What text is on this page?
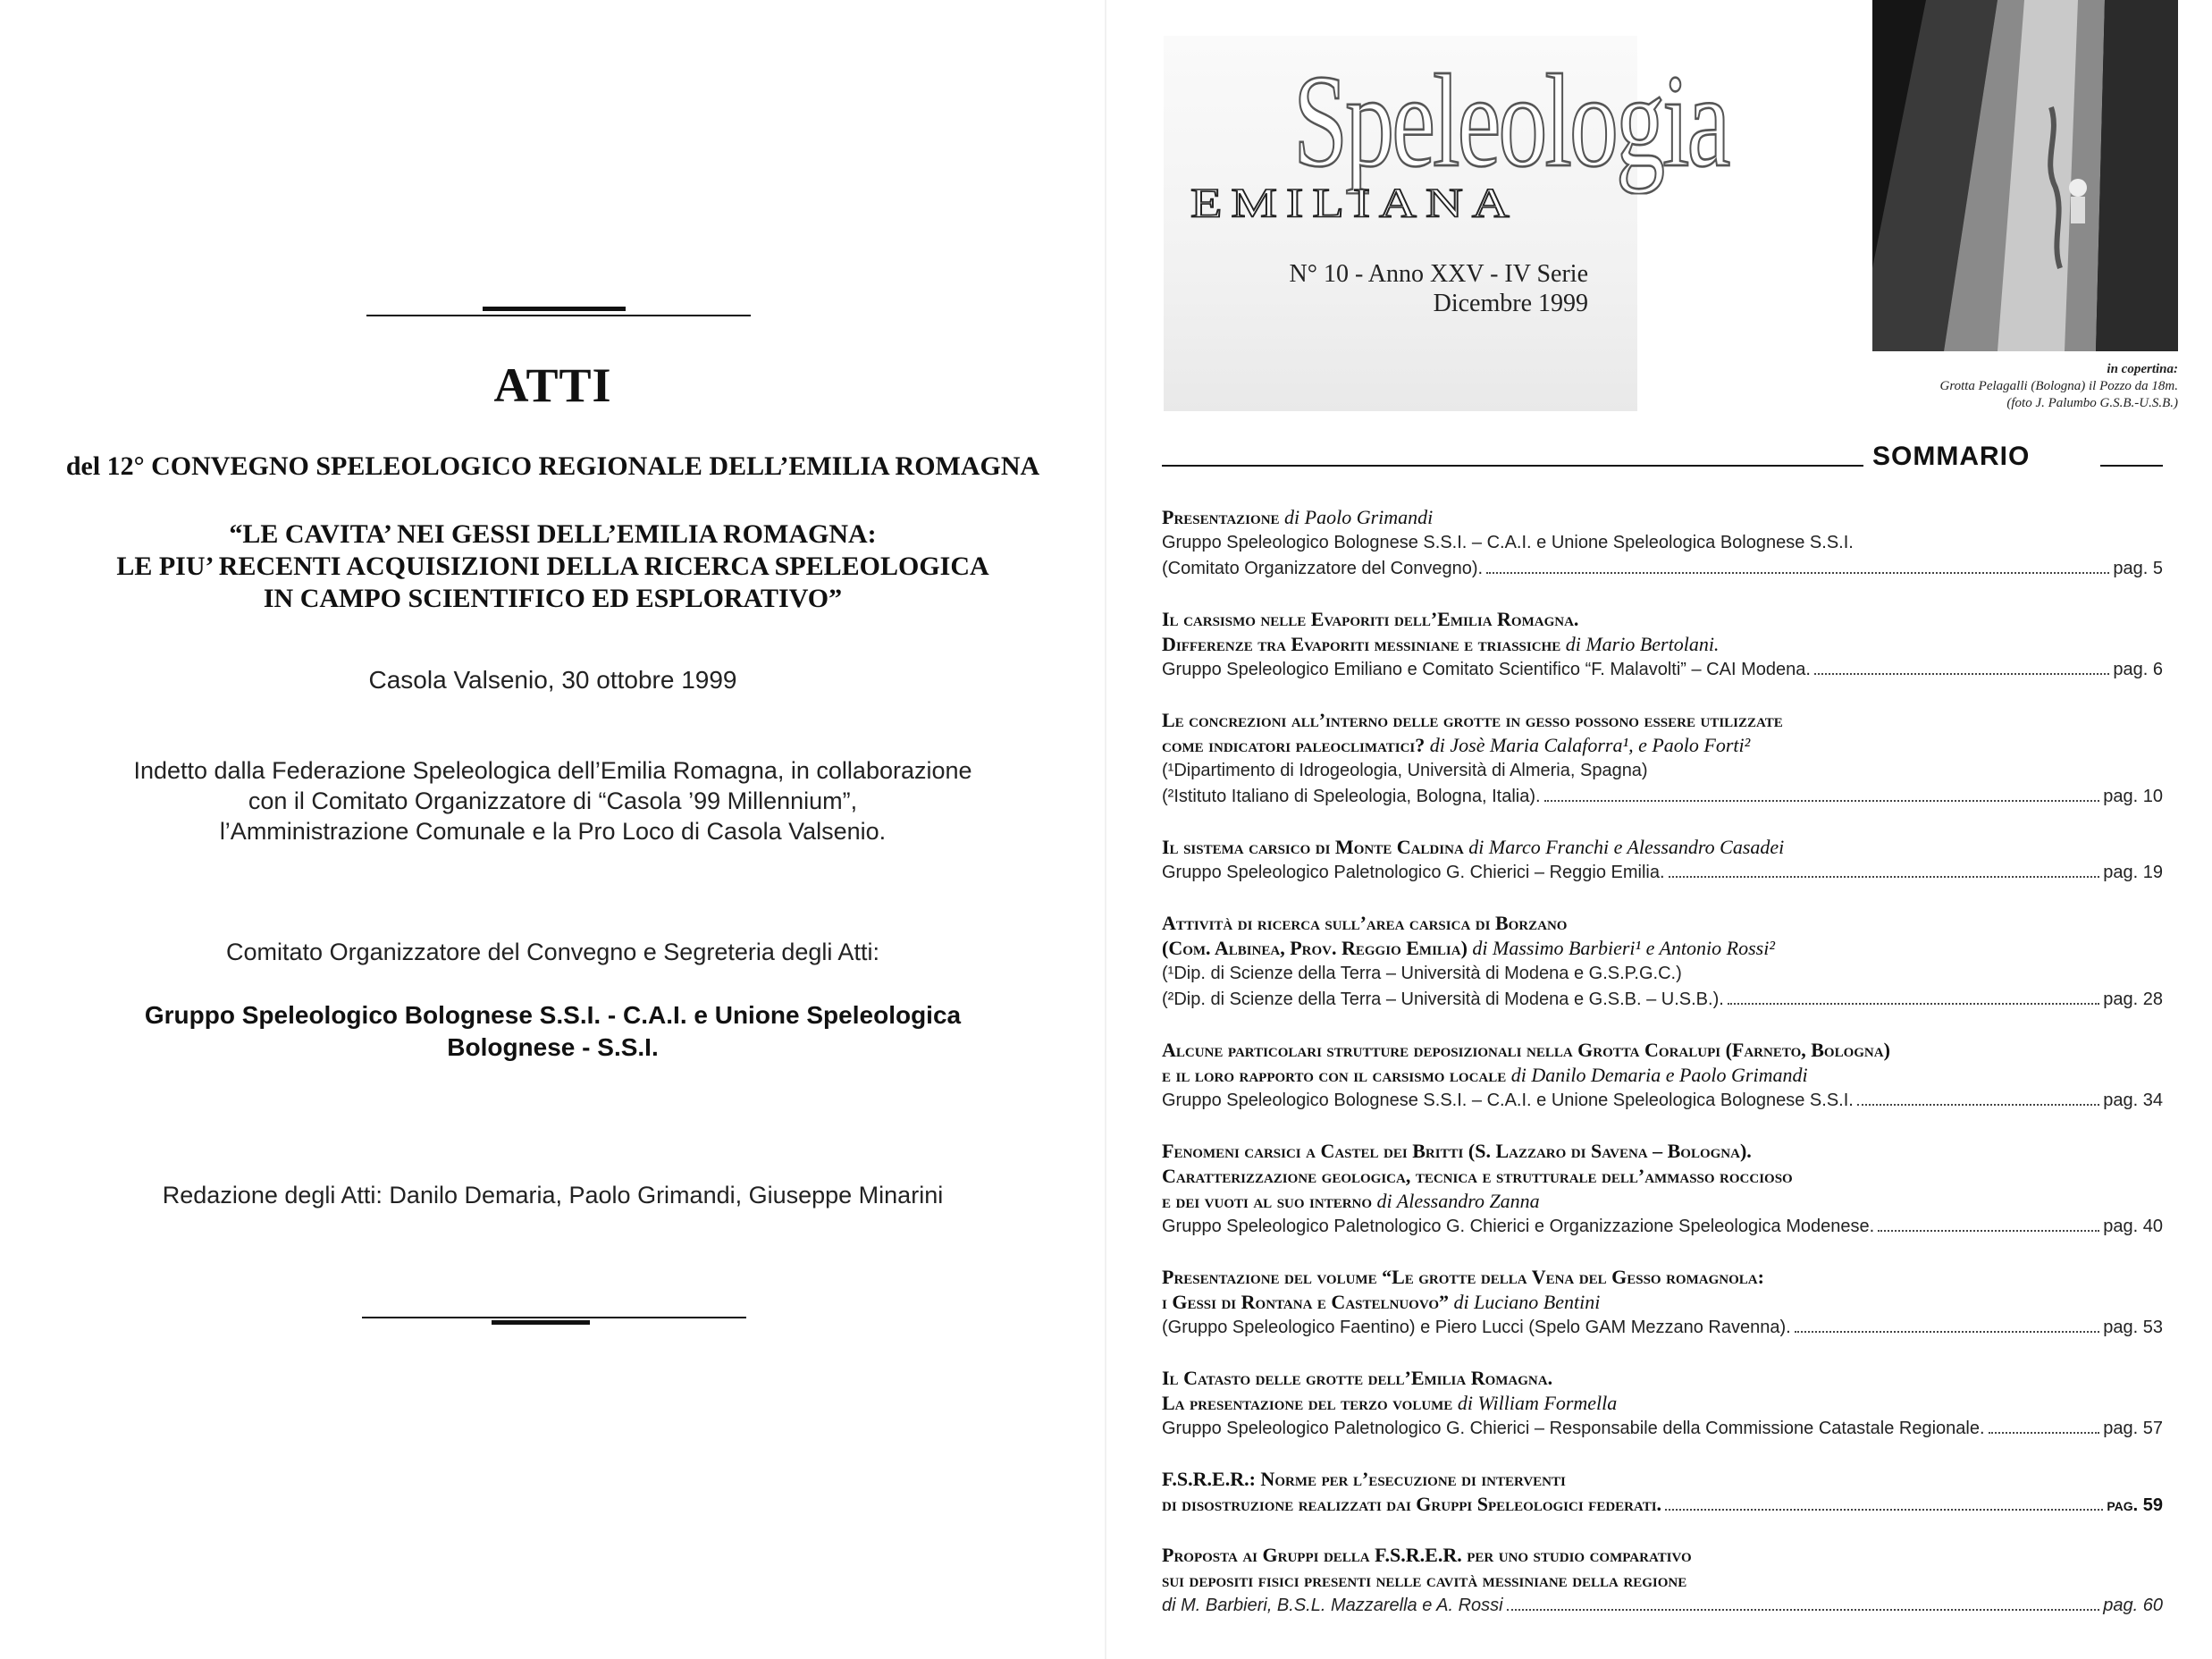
ATTI
del 12° CONVEGNO SPELEOLOGICO REGIONALE DELL’EMILIA ROMAGNA
“LE CAVITA’ NEI GESSI DELL’EMILIA ROMAGNA:
LE PIU’ RECENTI ACQUISIZIONI DELLA RICERCA SPELEOLOGICA
IN CAMPO SCIENTIFICO ED ESPLORATIVO”
Casola Valsenio, 30 ottobre 1999
Indetto dalla Federazione Speleologica dell’Emilia Romagna, in collaborazione
con il Comitato Organizzatore di “Casola ’99 Millennium”,
l’Amministrazione Comunale e la Pro Loco di Casola Valsenio.
Comitato Organizzatore del Convegno e Segreteria degli Atti:
Gruppo Speleologico Bolognese S.S.I. - C.A.I. e Unione Speleologica
Bolognese - S.S.I.
Redazione degli Atti: Danilo Demaria, Paolo Grimandi, Giuseppe Minarini
Speleologia
EMILIANA
N° 10 - Anno XXV - IV Serie
Dicembre 1999
in copertina:
Grotta Pelagalli (Bologna) il Pozzo da 18m.
(foto J. Palumbo G.S.B.-U.S.B.)
SOMMARIO
Presentazione di Paolo Grimandi
Gruppo Speleologico Bolognese S.S.I. – C.A.I. e Unione Speleologica Bolognese S.S.I.
(Comitato Organizzatore del Convegno).	pag. 5
Il carsismo nelle Evaporiti dell’Emilia Romagna.
Differenze tra Evaporiti messiniane e triassiche di Mario Bertolani.
Gruppo Speleologico Emiliano e Comitato Scientifico “F. Malavolti” – CAI Modena.	pag. 6
Le concrezioni all’interno delle grotte in gesso possono essere utilizzate
come indicatori paleoclimatici? di Josè Maria Calaforra¹, e Paolo Forti²
(¹Dipartimento di Idrogeologia, Università di Almeria, Spagna)
(²Istituto Italiano di Speleologia, Bologna, Italia).	pag. 10
Il sistema carsico di Monte Caldina di Marco Franchi e Alessandro Casadei
Gruppo Speleologico Paletnologico G. Chierici – Reggio Emilia.	pag. 19
Attività di ricerca sull’area carsica di Borzano
(Com. Albinea, Prov. Reggio Emilia) di Massimo Barbieri¹ e Antonio Rossi²
(¹Dip. di Scienze della Terra – Università di Modena e G.S.P.G.C.)
(²Dip. di Scienze della Terra – Università di Modena e G.S.B. – U.S.B.).	pag. 28
Alcune particolari strutture deposizionali nella Grotta Coralupi (Farneto, Bologna)
e il loro rapporto con il carsismo locale di Danilo Demaria e Paolo Grimandi
Gruppo Speleologico Bolognese S.S.I. – C.A.I. e Unione Speleologica Bolognese S.S.I.	pag. 34
Fenomeni carsici a Castel dei Britti (S. Lazzaro di Savena – Bologna).
Caratterizzazione geologica, tecnica e strutturale dell’ammasso roccioso
e dei vuoti al suo interno di Alessandro Zanna
Gruppo Speleologico Paletnologico G. Chierici e Organizzazione Speleologica Modenese.	pag. 40
Presentazione del volume “Le grotte della Vena del Gesso romagnola:
i Gessi di Rontana e Castelnuovo” di Luciano Bentini
(Gruppo Speleologico Faentino) e Piero Lucci (Spelo GAM Mezzano Ravenna).	pag. 53
Il Catasto delle grotte dell’Emilia Romagna.
La presentazione del terzo volume di William Formella
Gruppo Speleologico Paletnologico G. Chierici – Responsabile della Commissione Catastale Regionale.	pag. 57
F.S.R.E.R.: Norme per l’esecuzione di interventi
di disostruzione realizzati dai Gruppi Speleologici federati.	pag. 59
Proposta ai Gruppi della F.S.R.E.R. per uno studio comparativo
sui depositi fisici presenti nelle cavità messiniane della regione
di M. Barbieri, B.S.L. Mazzarella e A. Rossi	pag. 60
